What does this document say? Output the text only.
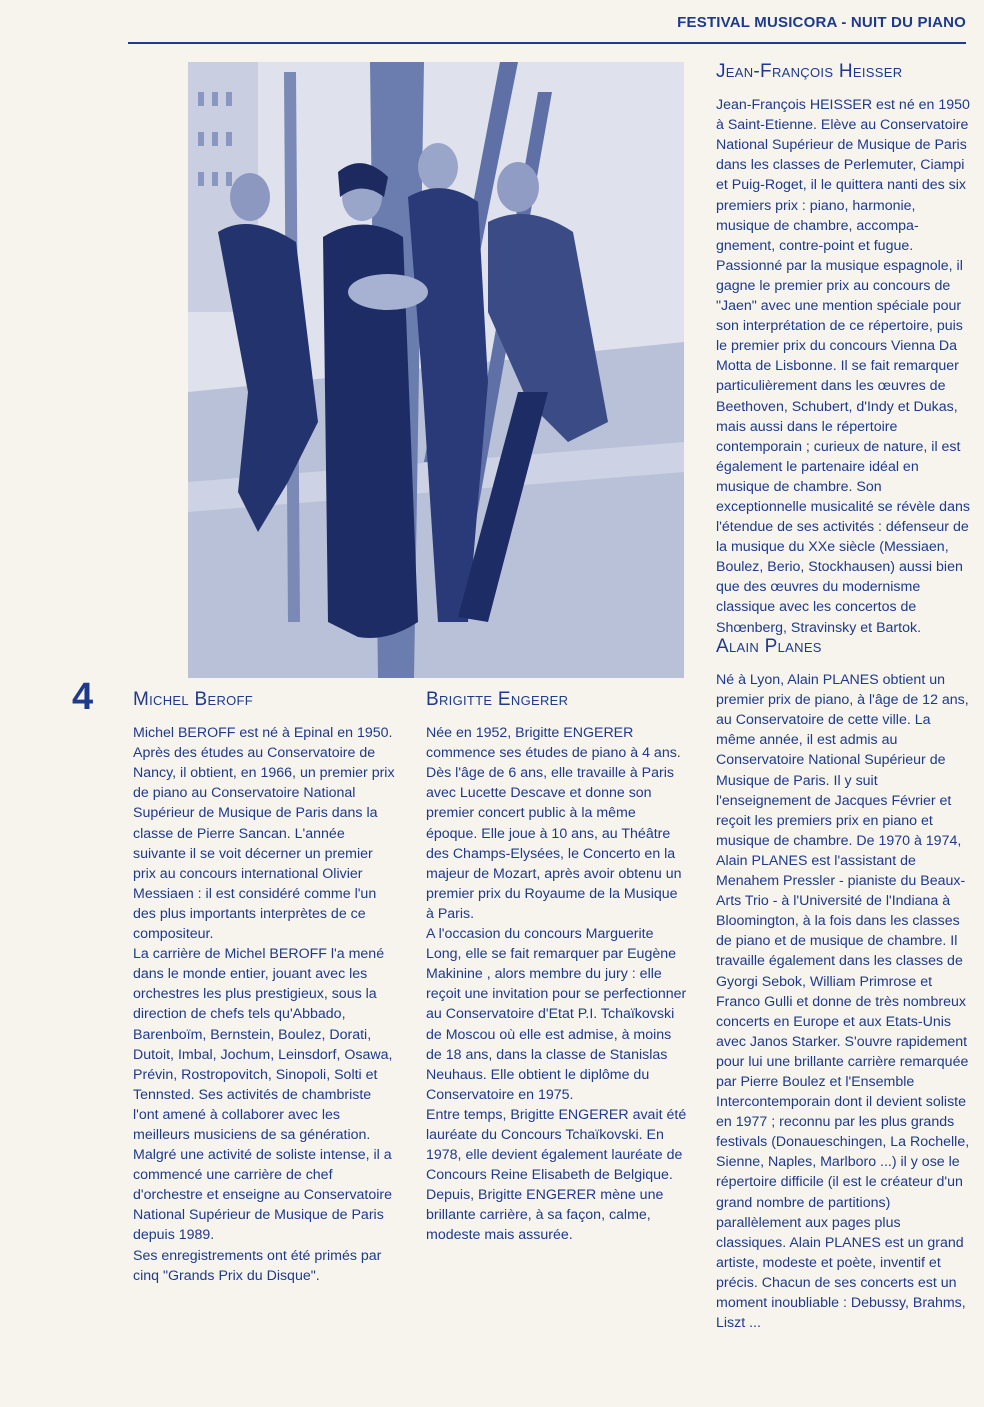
FESTIVAL MUSICORA - NUIT DU PIANO
4 Michel Beroff

Michel BEROFF est né à Epinal en 1950. Après des études au Conservatoire de Nancy, il obtient, en 1966, un premier prix de piano au Conservatoire National Supérieur de Musique de Paris dans la classe de Pierre Sancan. L'année suivante il se voit décerner un premier prix au concours international Olivier Messiaen : il est considéré comme l'un des plus importants interprètes de ce compositeur.

La carrière de Michel BEROFF l'a mené dans le monde entier, jouant avec les orchestres les plus prestigieux, sous la direction de chefs tels qu'Abbado, Barenboïm, Bernstein, Boulez, Dorati, Dutoit, Imbal, Jochum, Leinsdorf, Osawa, Prévin, Rostropovitch, Sinopoli, Solti et Tennsted. Ses activités de chambriste l'ont amené à collaborer avec les meilleurs musiciens de sa génération.

Malgré une activité de soliste intense, il a commencé une carrière de chef d'orchestre et enseigne au Conservatoire National Supérieur de Musique de Paris depuis 1989.

Ses enregistrements ont été primés par cinq "Grands Prix du Disque".

Brigitte Engerer

Née en 1952, Brigitte ENGERER commence ses études de piano à 4 ans. Dès l'âge de 6 ans, elle travaille à Paris avec Lucette Descave et donne son premier concert public à la même époque. Elle joue à 10 ans, au Théâtre des Champs-Elysées, le Concerto en la majeur de Mozart, après avoir obtenu un premier prix du Royaume de la Musique à Paris.

A l'occasion du concours Marguerite Long, elle se fait remarquer par Eugène Makinine , alors membre du jury : elle reçoit une invitation pour se perfectionner au Conservatoire d'Etat P.I. Tchaïkovski de Moscou où elle est admise, à moins de 18 ans, dans la classe de Stanislas Neuhaus. Elle obtient le diplôme du Conservatoire en 1975.

Entre temps, Brigitte ENGERER avait été lauréate du Concours Tchaïkovski. En 1978, elle devient également lauréate de Concours Reine Elisabeth de Belgique.

Depuis, Brigitte ENGERER mène une brillante carrière, à sa façon, calme, modeste mais assurée.

Jean-François Heisser

Jean-François HEISSER est né en 1950 à Saint-Etienne. Elève au Conservatoire National Supérieur de Musique de Paris dans les classes de Perlemuter, Ciampi et Puig-Roget, il le quittera nanti des six premiers prix : piano, harmonie, musique de chambre, accompa-gnement, contre-point et fugue. Passionné par la musique espagnole, il gagne le premier prix au concours de "Jaen" avec une mention spéciale pour son interprétation de ce répertoire, puis le premier prix du concours Vienna Da Motta de Lisbonne. Il se fait remarquer particulièrement dans les œuvres de Beethoven, Schubert, d'Indy et Dukas, mais aussi dans le répertoire contemporain ; curieux de nature, il est également le partenaire idéal en musique de chambre. Son exceptionnelle musicalité se révèle dans l'étendue de ses activités : défenseur de la musique du XXe siècle (Messiaen, Boulez, Berio, Stockhausen) aussi bien que des œuvres du modernisme classique avec les concertos de Shœnberg, Stravinsky et Bartok.

Alain Planes

Né à Lyon, Alain PLANES obtient un premier prix de piano, à l'âge de 12 ans, au Conservatoire de cette ville. La même année, il est admis au Conservatoire National Supérieur de Musique de Paris. Il y suit l'enseignement de Jacques Février et reçoit les premiers prix en piano et musique de chambre. De 1970 à 1974, Alain PLANES est l'assistant de Menahem Pressler - pianiste du Beaux-Arts Trio - à l'Université de l'Indiana à Bloomington, à la fois dans les classes de piano et de musique de chambre. Il travaille également dans les classes de Gyorgi Sebok, William Primrose et Franco Gulli et donne de très nombreux concerts en Europe et aux Etats-Unis avec Janos Starker. S'ouvre rapidement pour lui une brillante carrière remarquée par Pierre Boulez et l'Ensemble Intercontemporain dont il devient soliste en 1977 ; reconnu par les plus grands festivals (Donaueschingen, La Rochelle, Sienne, Naples, Marlboro ...) il y ose le répertoire difficile (il est le créateur d'un grand nombre de partitions) parallèlement aux pages plus classiques. Alain PLANES est un grand artiste, modeste et poète, inventif et précis. Chacun de ses concerts est un moment inoubliable : Debussy, Brahms, Liszt ...
